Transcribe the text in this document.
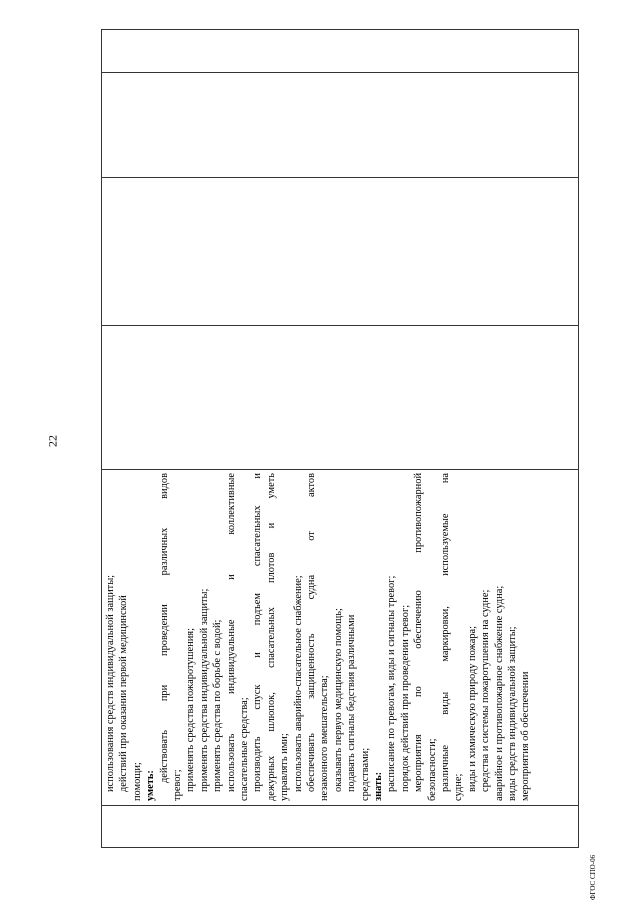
22

использования средств индивидуальной защиты; действий при оказании первой медицинской помощи; уметь:
действовать при проведении различных видов
тревог; применять средства пожаротушения; применять средства индивидуальной защиты; применять средства по борьбе с водой; использовать индивидуальные и коллективные спасательные средства; производить спуск и подъем спасательных и дежурных шлюпок, спасательных плотов и уметь управлять ими; использовать аварийно-спасательное снабжение; обеспечивать защищенность судна от актов незаконного вмешательства; оказывать первую медицинскую помощь; подавать сигналы бедствия различными средствами; знать: расписание по тревогам, виды и сигналы тревог; порядок действий при проведении тревог; мероприятия по обеспечению противопожарной безопасности; различные виды маркировки, используемые на судне; виды и химическую природу пожара; средства и системы пожаротушения на судне; аварийное и противопожарное снабжение судна; виды средств индивидуальной защиты; мероприятия об обеспечении

ФГОС СПО-06
